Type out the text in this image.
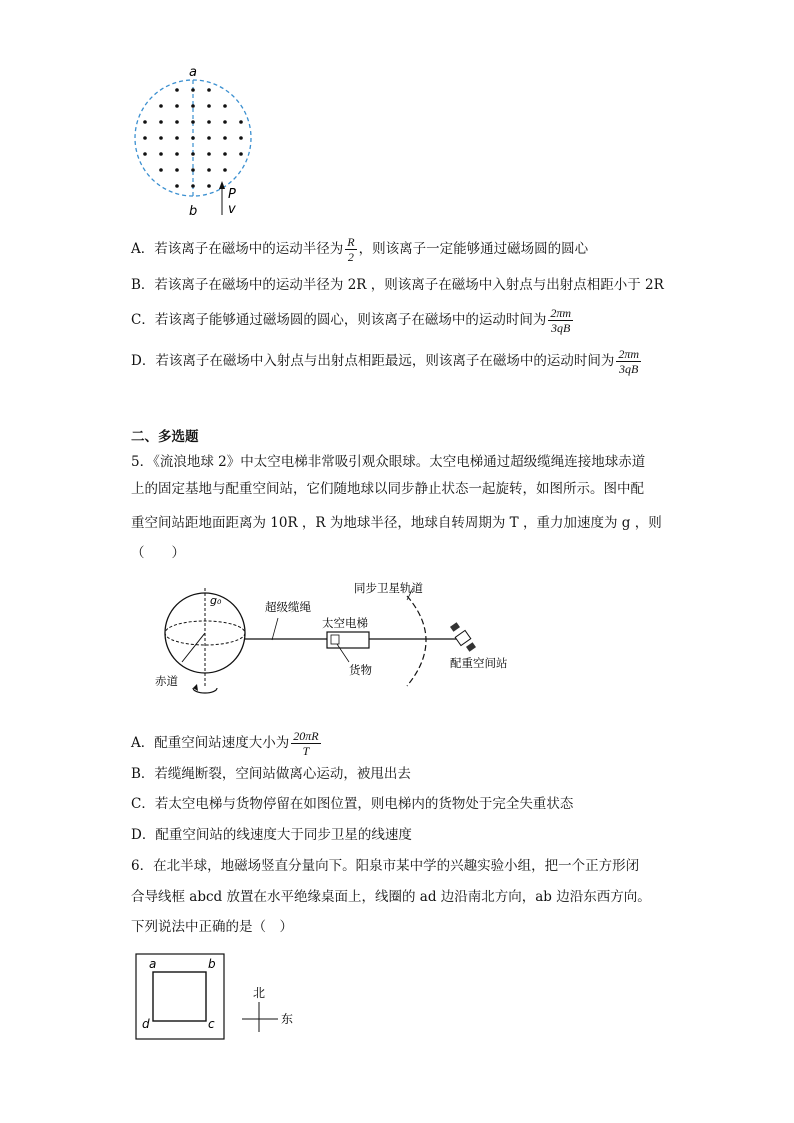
a
b
P
v
A．若该离子在磁场中的运动半径为 $\frac{R}{2}$ ，则该离子一定能够通过磁场圆的圆心
B．若该离子在磁场中的运动半径为 2R ，则该离子在磁场中入射点与出射点相距小于 2R
C．若该离子能够通过磁场圆的圆心，则该离子在磁场中的运动时间为 $\frac{2\pi m}{3qB}$
D．若该离子在磁场中入射点与出射点相距最远，则该离子在磁场中的运动时间为 $\frac{2\pi m}{3qB}$
二、多选题
5．《流浪地球 2》中太空电梯非常吸引观众眼球。太空电梯通过超级缆绳连接地球赤道
上的固定基地与配重空间站，它们随地球以同步静止状态一起旋转，如图所示。图中配
重空间站距地面距离为 10R ，R 为地球半径，地球自转周期为 T ，重力加速度为 g ，则
（　　）
g₀	超级缆绳
同步卫星轨道
太空电梯
货物
赤道
配重空间站
A．配重空间站速度大小为 $\frac{20\pi R}{T}$
B．若缆绳断裂，空间站做离心运动，被甩出去
C．若太空电梯与货物停留在如图位置，则电梯内的货物处于完全失重状态
D．配重空间站的线速度大于同步卫星的线速度
6．在北半球，地磁场竖直分量向下。阳泉市某中学的兴趣实验小组，把一个正方形闭
合导线框 abcd 放置在水平绝缘桌面上，线圈的 ad 边沿南北方向，ab 边沿东西方向。
下列说法中正确的是（　）
a	b
c
d
北
东
